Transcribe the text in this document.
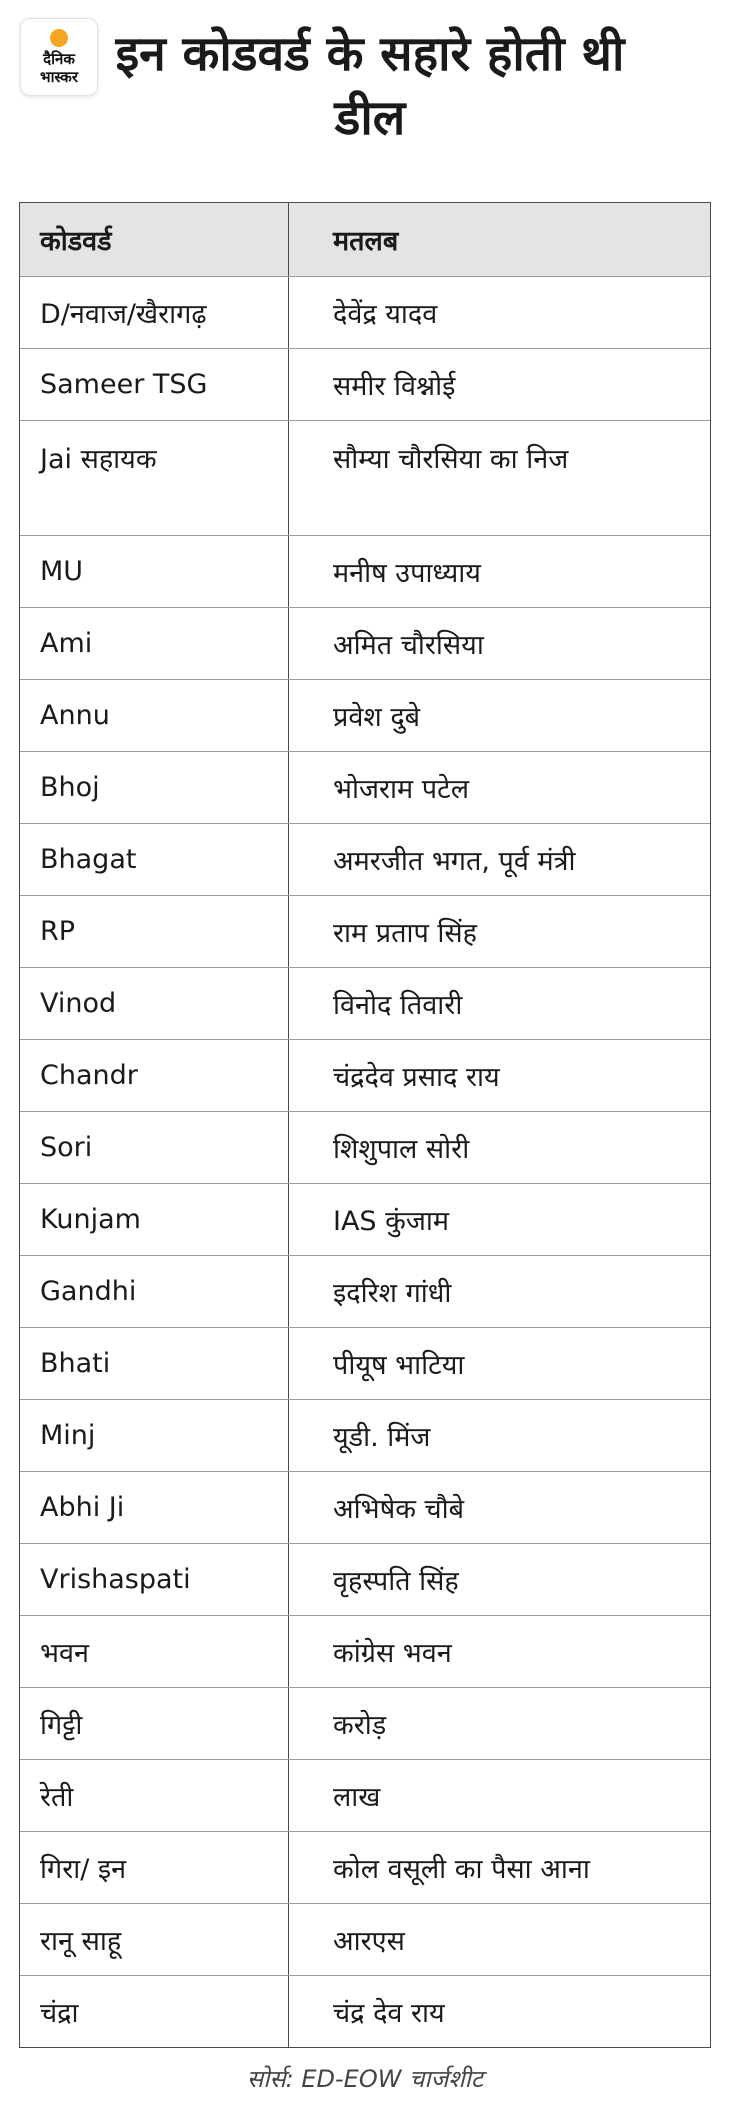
दैनिक
भास्कर इन कोडवर्ड के सहारे होती थी डील
कोडवर्ड	मतलब
D/नवाज/खैरागढ़	देवेंद्र यादव
Sameer TSG	समीर विश्नोई
Jai सहायक	सौम्या चौरसिया का निज
MU	मनीष उपाध्याय
Ami	अमित चौरसिया
Annu	प्रवेश दुबे
Bhoj	भोजराम पटेल
Bhagat	अमरजीत भगत, पूर्व मंत्री
RP	राम प्रताप सिंह
Vinod	विनोद तिवारी
Chandr	चंद्रदेव प्रसाद राय
Sori	शिशुपाल सोरी
Kunjam	IAS कुंजाम
Gandhi	इदरिश गांधी
Bhati	पीयूष भाटिया
Minj	यूडी. मिंज
Abhi Ji	अभिषेक चौबे
Vrishaspati	वृहस्पति सिंह
भवन	कांग्रेस भवन
गिट्टी	करोड़
रेती	लाख
गिरा/ इन	कोल वसूली का पैसा आना
रानू साहू	आरएस
चंद्रा	चंद्र देव राय
सोर्स: ED-EOW चार्जशीट
